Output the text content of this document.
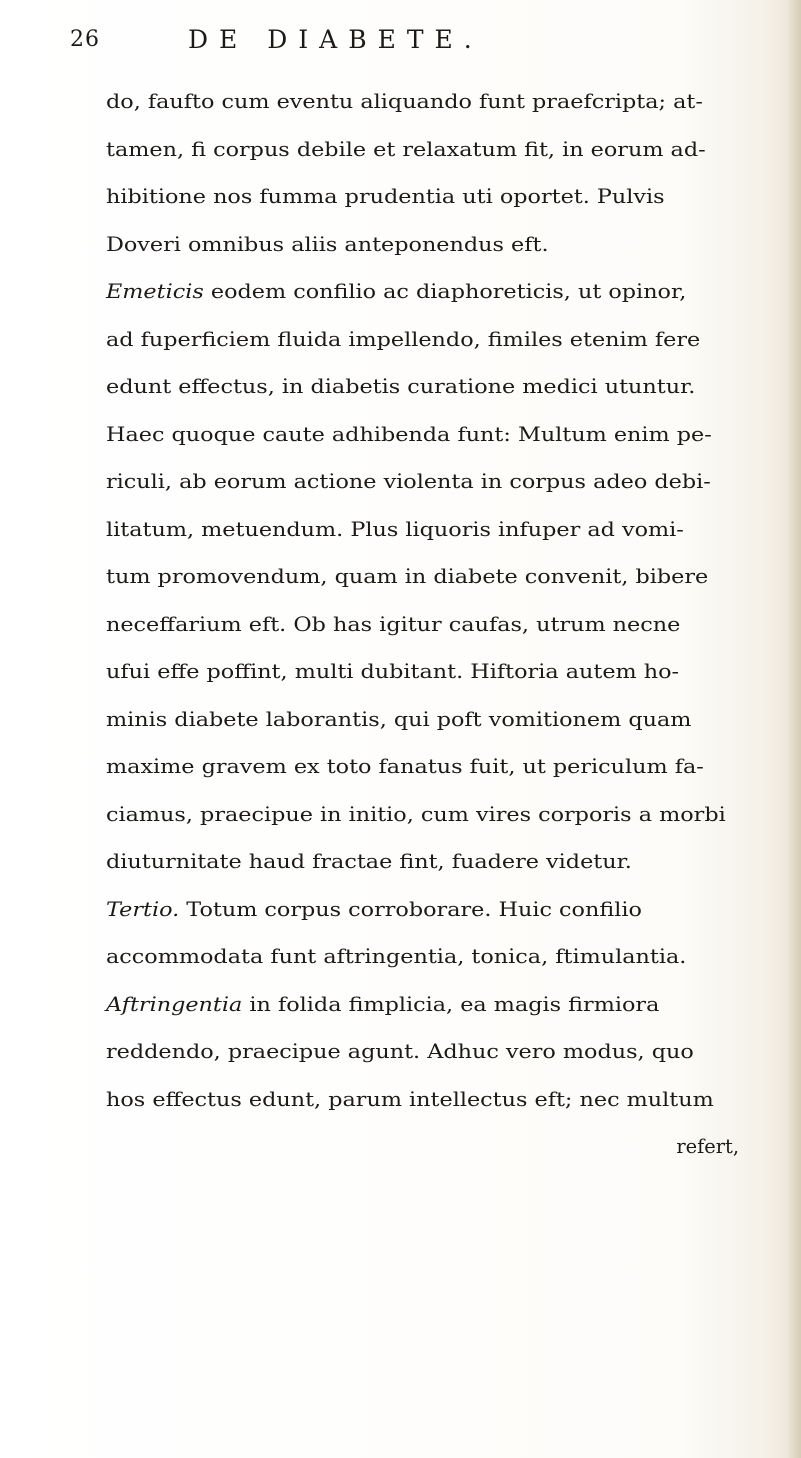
26	DE DIABETE.
do, faufto cum eventu aliquando funt praefcripta; at-
tamen, fi corpus debile et relaxatum fit, in eorum ad-
hibitione nos fumma prudentia uti oportet. Pulvis
Doveri omnibus aliis anteponendus eft.
Emeticis eodem confilio ac diaphoreticis, ut opinor,
ad fuperficiem fluida impellendo, fimiles etenim fere
edunt effectus, in diabetis curatione medici utuntur.
Haec quoque caute adhibenda funt: Multum enim pe-
riculi, ab eorum actione violenta in corpus adeo debi-
litatum, metuendum. Plus liquoris infuper ad vomi-
tum promovendum, quam in diabete convenit, bibere
neceffarium eft. Ob has igitur caufas, utrum necne
ufui effe poffint, multi dubitant. Hiftoria autem ho-
minis diabete laborantis, qui poft vomitionem quam
maxime gravem ex toto fanatus fuit, ut periculum fa-
ciamus, praecipue in initio, cum vires corporis a morbi
diuturnitate haud fractae fint, fuadere videtur.
Tertio. Totum corpus corroborare. Huic confilio
accommodata funt aftringentia, tonica, ftimulantia.
Aftringentia in folida fimplicia, ea magis firmiora
reddendo, praecipue agunt. Adhuc vero modus, quo
hos effectus edunt, parum intellectus eft; nec multum
refert,
